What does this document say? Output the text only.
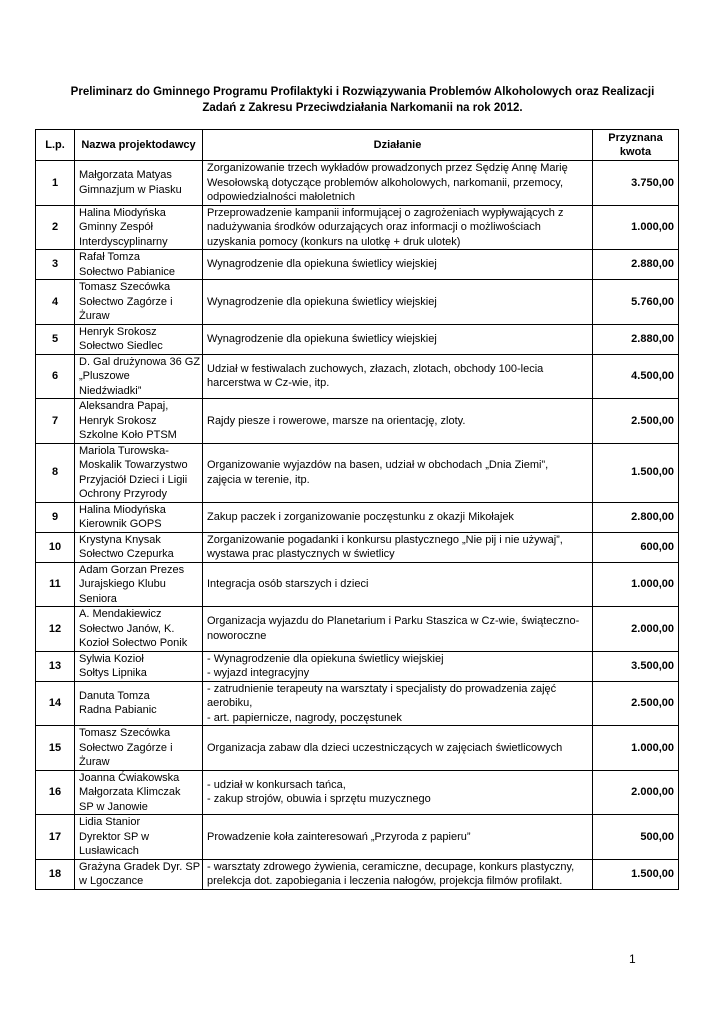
Preliminarz do Gminnego Programu Profilaktyki i Rozwiązywania Problemów Alkoholowych oraz Realizacji
Zadań z Zakresu Przeciwdziałania Narkomanii na rok 2012.
L.p.	Nazwa projektodawcy	Działanie	Przyznana
kwota

1	Małgorzata Matyas
Gimnazjum w Piasku	Zorganizowanie trzech wykładów prowadzonych przez Sędzię Annę Marię
Wesołowską dotyczące problemów alkoholowych, narkomanii, przemocy,
odpowiedzialności małoletnich	3.750,00
2	Halina Miodyńska
Gminny Zespół
Interdyscyplinarny	Przeprowadzenie kampanii informującej o zagrożeniach wypływających z
nadużywania środków odurzających oraz informacji o możliwościach
uzyskania pomocy (konkurs na ulotkę + druk ulotek)	1.000,00
3	Rafał Tomza
Sołectwo Pabianice	Wynagrodzenie dla opiekuna świetlicy wiejskiej	2.880,00
4	Tomasz Szecówka
Sołectwo Zagórze i
Żuraw	Wynagrodzenie dla opiekuna świetlicy wiejskiej	5.760,00
5	Henryk Srokosz
Sołectwo Siedlec	Wynagrodzenie dla opiekuna świetlicy wiejskiej	2.880,00
6	D. Gal drużynowa 36 GZ
„Pluszowe
Niedźwiadki”	Udział w festiwalach zuchowych, złazach, zlotach, obchody 100-lecia
harcerstwa w Cz-wie, itp.	4.500,00
7	Aleksandra Papaj,
Henryk Srokosz
Szkolne Koło PTSM	Rajdy piesze i rowerowe, marsze na orientację, zloty.	2.500,00
8	Mariola Turowska-
Moskalik Towarzystwo
Przyjaciół Dzieci i Ligii
Ochrony Przyrody	Organizowanie wyjazdów na basen, udział w obchodach „Dnia Ziemi”,
zajęcia w terenie, itp.	1.500,00
9	Halina Miodyńska
Kierownik GOPS	Zakup paczek i zorganizowanie poczęstunku z okazji Mikołajek	2.800,00
10	Krystyna Knysak
Sołectwo Czepurka	Zorganizowanie pogadanki i konkursu plastycznego „Nie pij i nie używaj”,
wystawa prac plastycznych w świetlicy	600,00
11	Adam Gorzan Prezes
Jurajskiego Klubu
Seniora	Integracja osób starszych i dzieci	1.000,00
12	A. Mendakiewicz
Sołectwo Janów, K.
Kozioł Sołectwo Ponik	Organizacja wyjazdu do Planetarium i Parku Staszica w Cz-wie, świąteczno-
noworoczne	2.000,00
13	Sylwia Kozioł
Sołtys Lipnika	- Wynagrodzenie dla opiekuna świetlicy wiejskiej
- wyjazd integracyjny	3.500,00
14	Danuta Tomza
Radna Pabianic	- zatrudnienie terapeuty na warsztaty i specjalisty do prowadzenia zajęć
aerobiku,
- art. papiernicze, nagrody, poczęstunek	2.500,00
15	Tomasz Szecówka
Sołectwo Zagórze i
Żuraw	Organizacja zabaw dla dzieci uczestniczących w zajęciach świetlicowych	1.000,00
16	Joanna Ćwiakowska
Małgorzata Klimczak
SP w Janowie	- udział w konkursach tańca,
- zakup strojów, obuwia i sprzętu muzycznego	2.000,00
17	Lidia Stanior
Dyrektor SP w
Lusławicach	Prowadzenie koła zainteresowań „Przyroda z papieru”	500,00
18	Grażyna Gradek Dyr. SP
w Lgoczance	- warsztaty zdrowego żywienia, ceramiczne, decupage, konkurs plastyczny,
prelekcja dot. zapobiegania i leczenia nałogów, projekcja filmów profilakt.	1.500,00
1
